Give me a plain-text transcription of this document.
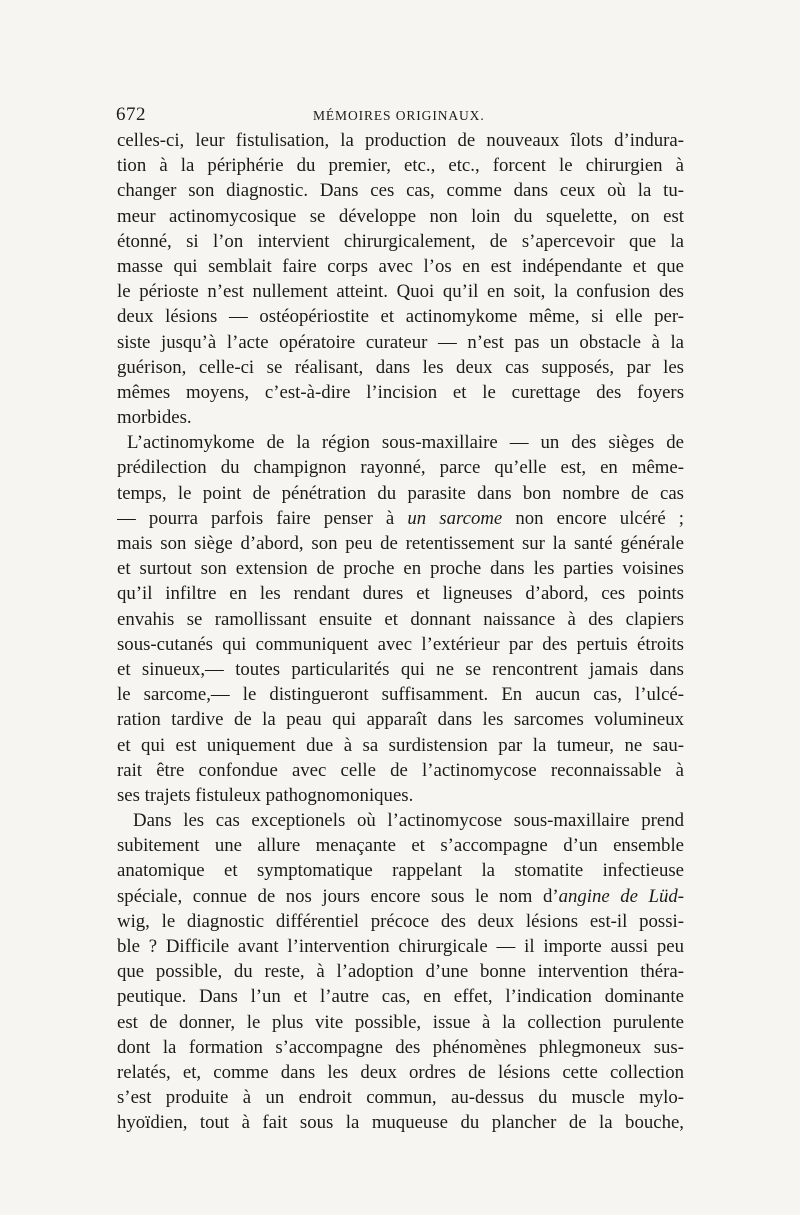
672	MÉMOIRES ORIGINAUX.
celles-ci, leur fistulisation, la production de nouveaux îlots d’indura-
tion à la périphérie du premier, etc., etc., forcent le chirurgien à
changer son diagnostic. Dans ces cas, comme dans ceux où la tu-
meur actinomycosique se développe non loin du squelette, on est
étonné, si l’on intervient chirurgicalement, de s’apercevoir que la
masse qui semblait faire corps avec l’os en est indépendante et que
le périoste n’est nullement atteint. Quoi qu’il en soit, la confusion des
deux lésions — ostéopériostite et actinomykome même, si elle per-
siste jusqu’à l’acte opératoire curateur — n’est pas un obstacle à la
guérison, celle-ci se réalisant, dans les deux cas supposés, par les
mêmes moyens, c’est-à-dire l’incision et le curettage des foyers
morbides.
L’actinomykome de la région sous-maxillaire — un des sièges de
prédilection du champignon rayonné, parce qu’elle est, en même-
temps, le point de pénétration du parasite dans bon nombre de cas
— pourra parfois faire penser à un sarcome non encore ulcéré ;
mais son siège d’abord, son peu de retentissement sur la santé générale
et surtout son extension de proche en proche dans les parties voisines
qu’il infiltre en les rendant dures et ligneuses d’abord, ces points
envahis se ramollissant ensuite et donnant naissance à des clapiers
sous-cutanés qui communiquent avec l’extérieur par des pertuis étroits
et sinueux,— toutes particularités qui ne se rencontrent jamais dans
le sarcome,— le distingueront suffisamment. En aucun cas, l’ulcé-
ration tardive de la peau qui apparaît dans les sarcomes volumineux
et qui est uniquement due à sa surdistension par la tumeur, ne sau-
rait être confondue avec celle de l’actinomycose reconnaissable à
ses trajets fistuleux pathognomoniques.
Dans les cas exceptionels où l’actinomycose sous-maxillaire prend
subitement une allure menaçante et s’accompagne d’un ensemble
anatomique et symptomatique rappelant la stomatite infectieuse
spéciale, connue de nos jours encore sous le nom d’angine de Lüd-
wig, le diagnostic différentiel précoce des deux lésions est-il possi-
ble ? Difficile avant l’intervention chirurgicale — il importe aussi peu
que possible, du reste, à l’adoption d’une bonne intervention théra-
peutique. Dans l’un et l’autre cas, en effet, l’indication dominante
est de donner, le plus vite possible, issue à la collection purulente
dont la formation s’accompagne des phénomènes phlegmoneux sus-
relatés, et, comme dans les deux ordres de lésions cette collection
s’est produite à un endroit commun, au-dessus du muscle mylo-
hyoïdien, tout à fait sous la muqueuse du plancher de la bouche,
